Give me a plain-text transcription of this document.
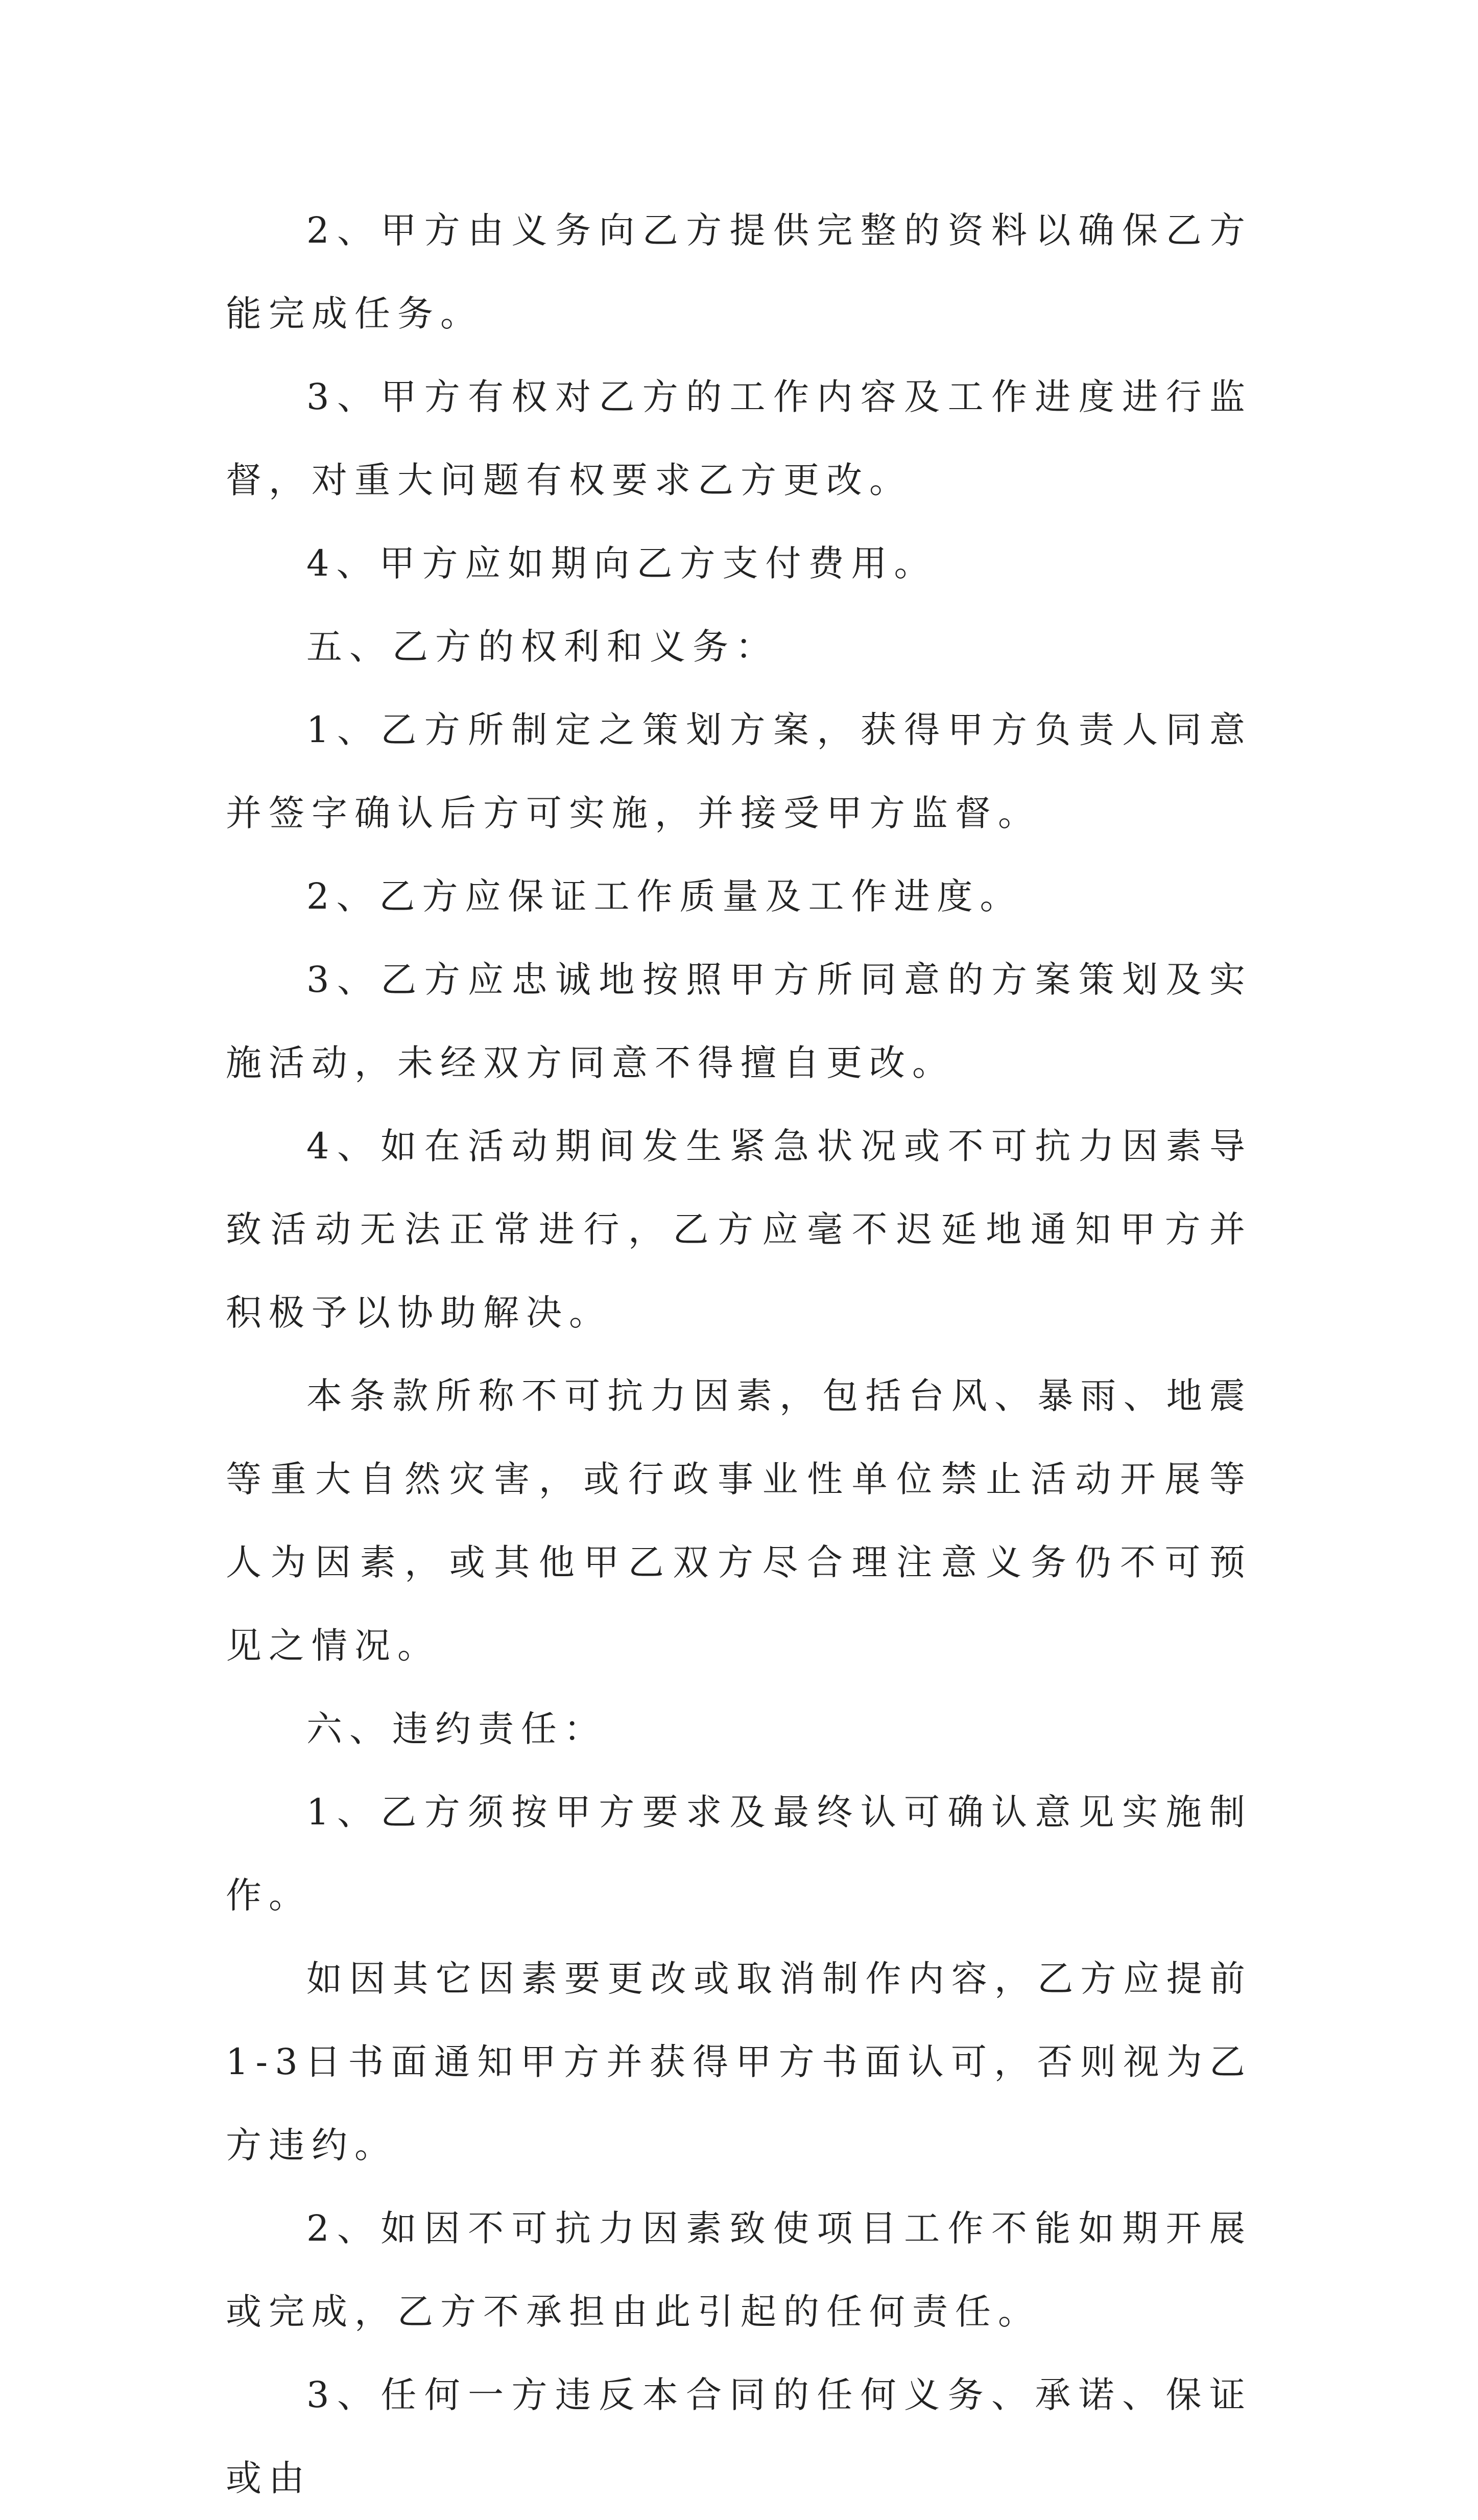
2、甲方由义务向乙方提供完整的资料以确保乙方能完成任务。

3、甲方有权对乙方的工作内容及工作进度进行监督，对重大问题有权要求乙方更改。

4、甲方应如期向乙方支付费用。

五、乙方的权利和义务：

1、乙方所制定之策划方案，获得甲方负责人同意并签字确认后方可实施，并接受甲方监督。

2、乙方应保证工作质量及工作进度。

3、乙方应忠诚地按照甲方所同意的方案策划及实施活动，未经双方同意不得擅自更改。

4、如在活动期间发生紧急状况或不可抗力因素导致活动无法正常进行，乙方应毫不迟延地通知甲方并积极予以协助解决。

本条款所称不可抗力因素，包括台风、暴雨、地震等重大自然灾害，或行政事业性单位禁止活动开展等人为因素，或其他甲乙双方尽合理注意义务仍不可预见之情况。

六、违约责任：

1、乙方须按甲方要求及最终认可确认意见实施制作。

如因其它因素要更改或取消制作内容，乙方应提前1-3日书面通知甲方并获得甲方书面认可，否则视为乙方违约。

2、如因不可抗力因素致使项目工作不能如期开展或完成，乙方不承担由此引起的任何责任。

3、任何一方违反本合同的任何义务、承诺、保证或由
